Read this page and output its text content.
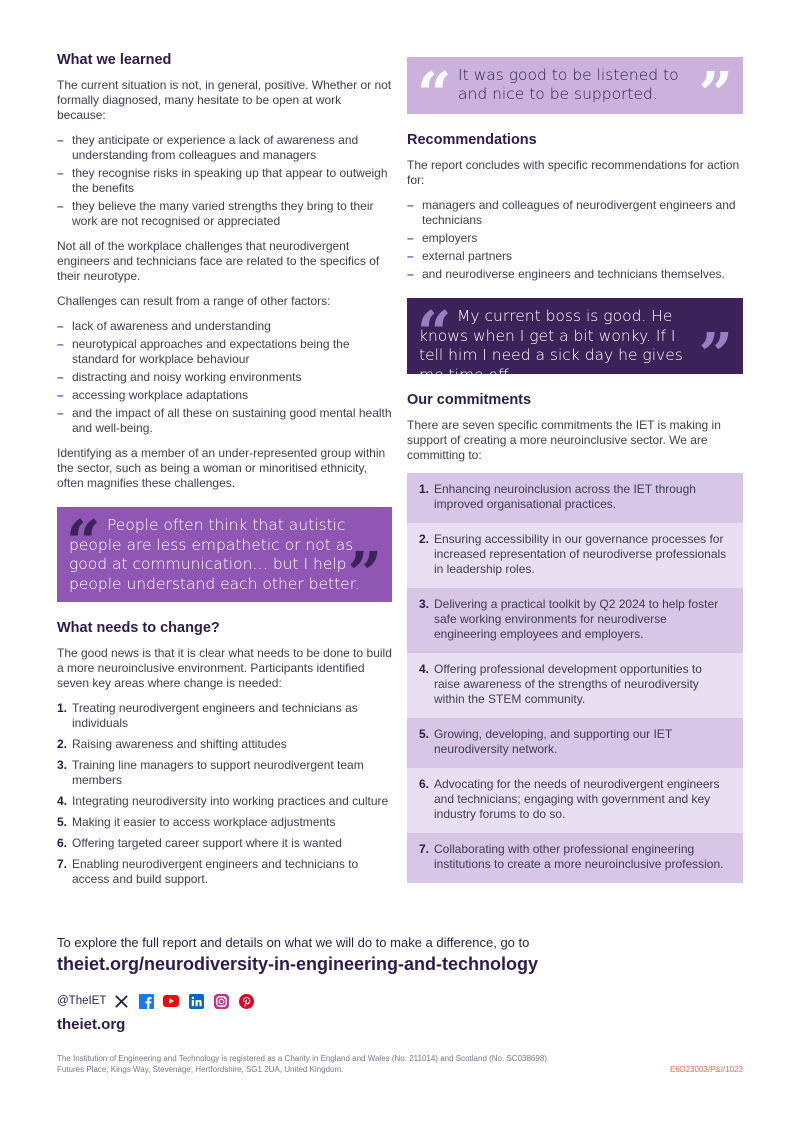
What we learned

The current situation is not, in general, positive. Whether or not formally diagnosed, many hesitate to be open at work because:

– they anticipate or experience a lack of awareness and understanding from colleagues and managers
– they recognise risks in speaking up that appear to outweigh the benefits
– they believe the many varied strengths they bring to their work are not recognised or appreciated

Not all of the workplace challenges that neurodivergent engineers and technicians face are related to the specifics of their neurotype.

Challenges can result from a range of other factors:

– lack of awareness and understanding
– neurotypical approaches and expectations being the standard for workplace behaviour
– distracting and noisy working environments
– accessing workplace adaptations
– and the impact of all these on sustaining good mental health and well-being.

Identifying as a member of an under-represented group within the sector, such as being a woman or minoritised ethnicity, often magnifies these challenges.

“	”
People often think that autistic people are less empathetic or not as good at communication… but I help people understand each other better.
What needs to change?

The good news is that it is clear what needs to be done to build a more neuroinclusive environment. Participants identified seven key areas where change is needed:

1. Treating neurodivergent engineers and technicians as individuals
2. Raising awareness and shifting attitudes
3. Training line managers to support neurodivergent team members
4. Integrating neurodiversity into working practices and culture
5. Making it easier to access workplace adjustments
6. Offering targeted career support where it is wanted
7. Enabling neurodivergent engineers and technicians to access and build support.
“	”
It was good to be listened to and nice to be supported.
Recommendations

The report concludes with specific recommendations for action for:

– managers and colleagues of neurodivergent engineers and technicians
– employers
– external partners
– and neurodiverse engineers and technicians themselves.
“	”
My current boss is good. He knows when I get a bit wonky. If I tell him I need a sick day he gives me time off.
Our commitments

There are seven specific commitments the IET is making in support of creating a more neuroinclusive sector. We are committing to:

1. Enhancing neuroinclusion across the IET through improved organisational practices.
2. Ensuring accessibility in our governance processes for increased representation of neurodiverse professionals in leadership roles.
3. Delivering a practical toolkit by Q2 2024 to help foster safe working environments for neurodiverse engineering employees and employers.
4. Offering professional development opportunities to raise awareness of the strengths of neurodiversity within the STEM community.
5. Growing, developing, and supporting our IET neurodiversity network.
6. Advocating for the needs of neurodivergent engineers and technicians; engaging with government and key industry forums to do so.
7. Collaborating with other professional engineering institutions to create a more neuroinclusive profession.
To explore the full report and details on what we will do to make a difference, go to
theiet.org/neurodiversity-in-engineering-and-technology
@TheIET
theiet.org
The Institution of Engineering and Technology is registered as a Charity in England and Wales (No. 211014) and Scotland (No. SC038698).
Futures Place, Kings Way, Stevenage, Hertfordshire, SG1 2UA, United Kingdom.	E6D23003/P&I/1023
